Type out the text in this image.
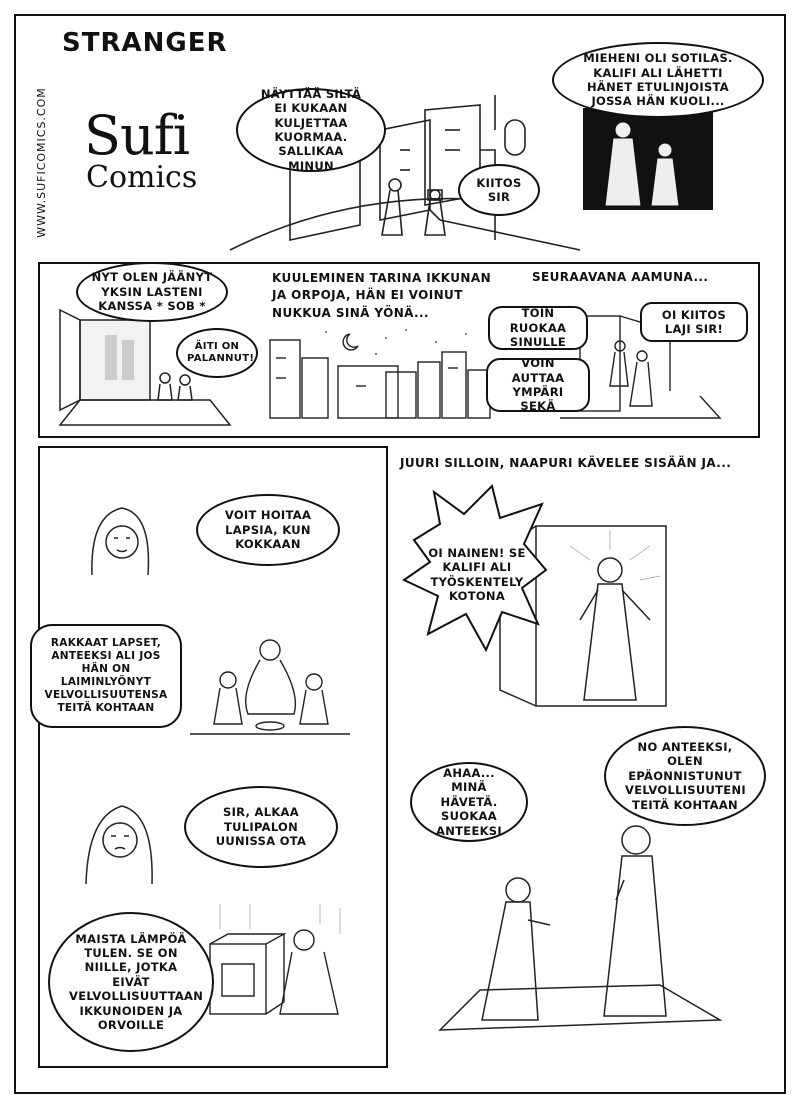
STRANGER
Sufi
Comics
WWW.SUFICOMICS.COM	NÄYTTÄÄ SILTÄ EI KUKAAN KULJETTAA KUORMAA. SALLIKAA MINUN
KIITOS SIR
MIEHENI OLI SOTILAS. KALIFI ALI LÄHETTI HÄNET ETULINJOISTA JOSSA HÄN KUOLI...
NYT OLEN JÄÄNYT YKSIN LASTENI KANSSA * SOB *
ÄITI ON PALANNUT!
KUULEMINEN TARINA IKKUNAN JA ORPOJA, HÄN EI VOINUT NUKKUA SINÄ YÖNÄ...
SEURAAVANA AAMUNA...
TOIN RUOKAA SINULLE
VOIN AUTTAA YMPÄRI SEKÄ
OI KIITOS LAJI SIR!
VOIT HOITAA LAPSIA, KUN KOKKAAN
RAKKAAT LAPSET, ANTEEKSI ALI JOS HÄN ON LAIMINLYÖNYT VELVOLLISUUTENSA TEITÄ KOHTAAN
SIR, ALKAA TULIPALON UUNISSA OTA
MAISTA LÄMPÖÄ TULEN. SE ON NIILLE, JOTKA EIVÄT VELVOLLISUUTTAAN IKKUNOIDEN JA ORVOILLE
JUURI SILLOIN, NAAPURI KÄVELEE SISÄÄN JA...
OI NAINEN! SE KALIFI ALI TYÖSKENTELY KOTONA
AHAA... MINÄ HÄVETÄ. SUOKAA ANTEEKSI
NO ANTEEKSI, OLEN EPÄONNISTUNUT VELVOLLISUUTENI TEITÄ KOHTAAN
